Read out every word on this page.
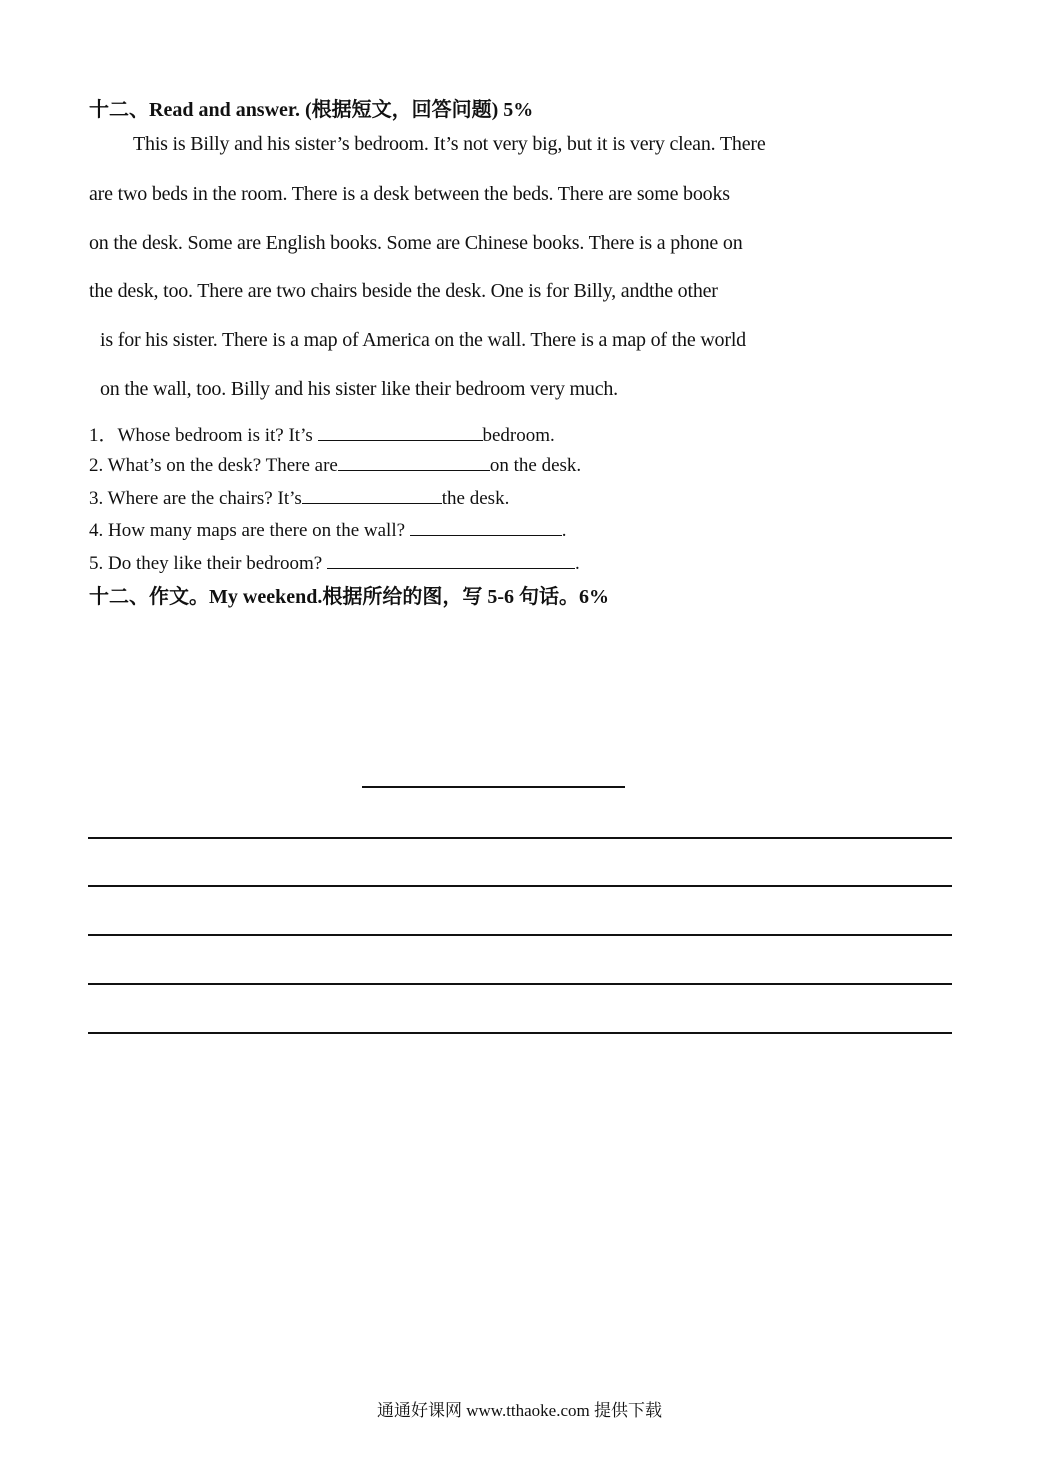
十二、Read and answer. (根据短文，回答问题) 5%
This is Billy and his sister’s bedroom. It’s not very big, but it is very clean. There
are two beds in the room. There is a desk between the beds. There are some books
on the desk. Some are English books. Some are Chinese books. There is a phone on
the desk, too. There are two chairs beside the desk. One is for Billy, andthe other
is for his sister. There is a map of America on the wall. There is a map of the world
on the wall, too. Billy and his sister like their bedroom very much.
1．Whose bedroom is it? It’s	bedroom.
2. What’s on the desk? There are	on the desk.
3. Where are the chairs? It’s	the desk.
4. How many maps are there on the wall?	.
5. Do they like their bedroom?	.
十二、作文。My weekend.根据所给的图，写 5-6 句话。6%
通通好课网 www.tthaoke.com 提供下载
